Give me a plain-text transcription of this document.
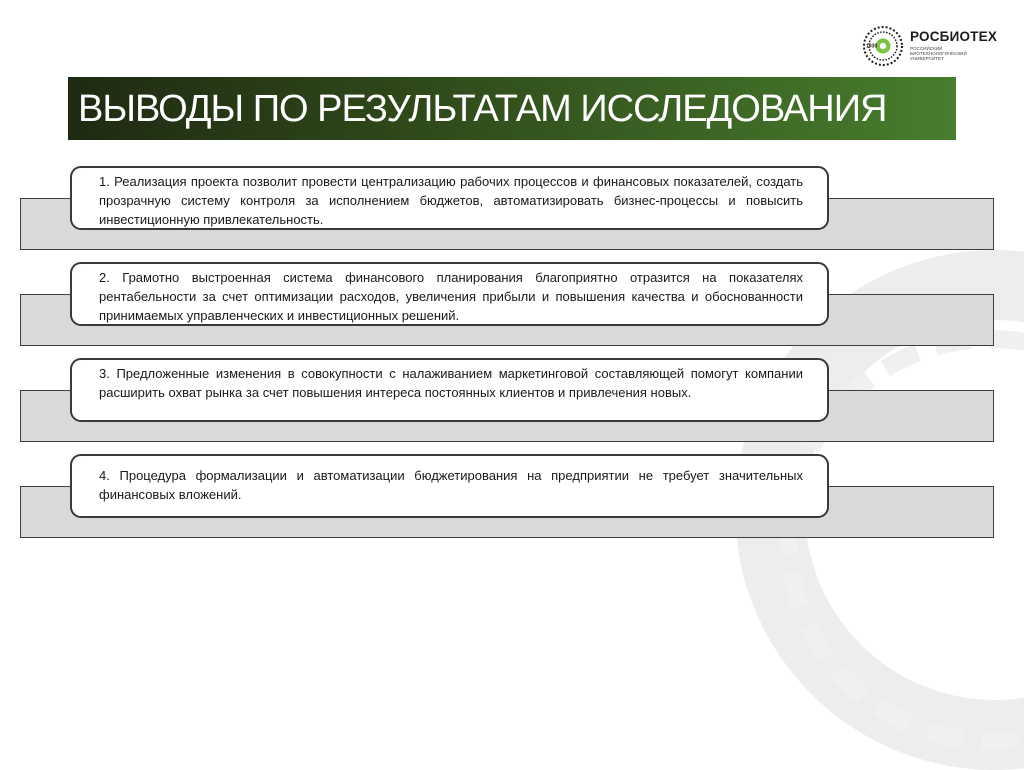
1930
РОСБИОТЕХ
РОССИЙСКИЙ БИОТЕХНОЛОГИЧЕСКИЙ УНИВЕРСИТЕТ
ВЫВОДЫ ПО РЕЗУЛЬТАТАМ ИССЛЕДОВАНИЯ
1. Реализация проекта позволит провести централизацию рабочих процессов и финансовых показателей, создать прозрачную систему контроля за исполнением бюджетов, автоматизировать бизнес-процессы и повысить инвестиционную привлекательность.
2. Грамотно выстроенная система финансового планирования благоприятно отразится на показателях рентабельности за счет оптимизации расходов, увеличения прибыли и повышения качества и обоснованности принимаемых управленческих и инвестиционных решений.
3. Предложенные изменения в совокупности с налаживанием маркетинговой составляющей помогут компании расширить охват рынка за счет повышения интереса постоянных клиентов и привлечения новых.
4. Процедура формализации и автоматизации бюджетирования на предприятии не требует значительных финансовых вложений.
